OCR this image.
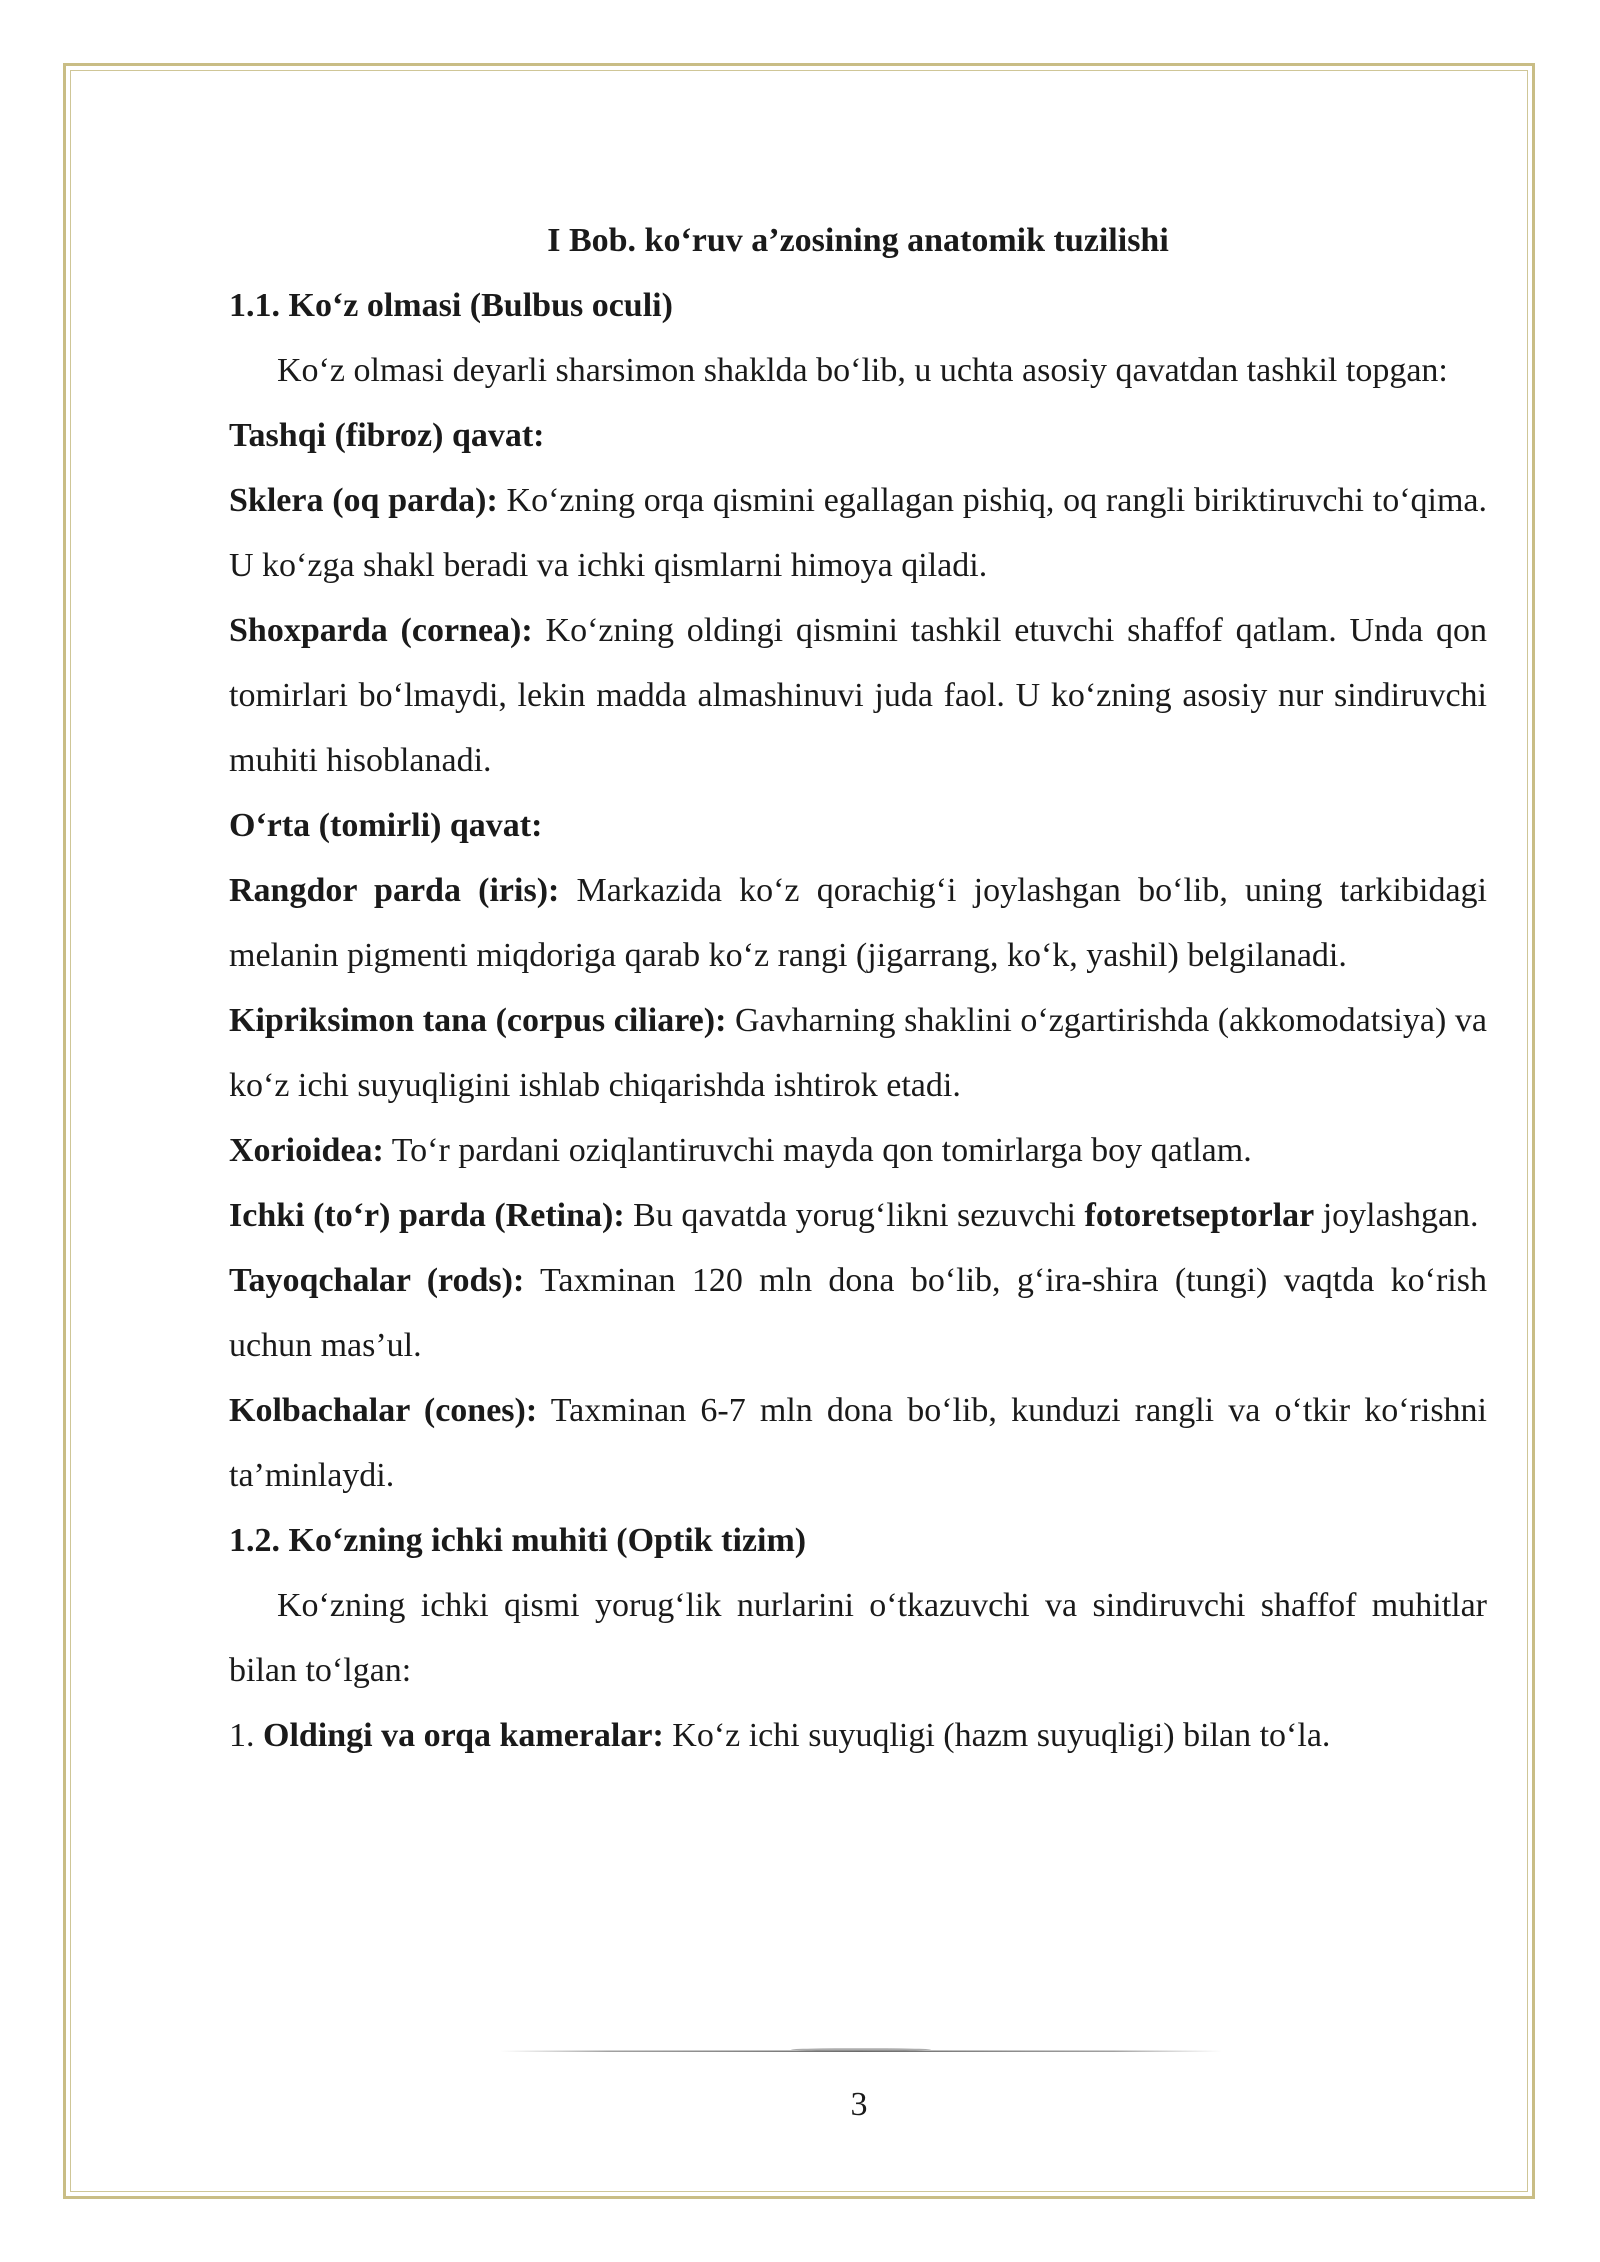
I Bob. ko‘ruv a’zosining anatomik tuzilishi

1.1. Ko‘z olmasi (Bulbus oculi)

Ko‘z olmasi deyarli sharsimon shaklda bo‘lib, u uchta asosiy qavatdan tashkil topgan:

Tashqi (fibroz) qavat:

Sklera (oq parda): Ko‘zning orqa qismini egallagan pishiq, oq rangli biriktiruvchi to‘qima. U ko‘zga shakl beradi va ichki qismlarni himoya qiladi.

Shoxparda (cornea): Ko‘zning oldingi qismini tashkil etuvchi shaffof qatlam. Unda qon tomirlari bo‘lmaydi, lekin madda almashinuvi juda faol. U ko‘zning asosiy nur sindiruvchi muhiti hisoblanadi.

O‘rta (tomirli) qavat:

Rangdor parda (iris): Markazida ko‘z qorachig‘i joylashgan bo‘lib, uning tarkibidagi melanin pigmenti miqdoriga qarab ko‘z rangi (jigarrang, ko‘k, yashil) belgilanadi.

Kipriksimon tana (corpus ciliare): Gavharning shaklini o‘zgartirishda (akkomodatsiya) va ko‘z ichi suyuqligini ishlab chiqarishda ishtirok etadi.

Xorioidea: To‘r pardani oziqlantiruvchi mayda qon tomirlarga boy qatlam.

Ichki (to‘r) parda (Retina): Bu qavatda yorug‘likni sezuvchi fotoretseptorlar joylashgan.

Tayoqchalar (rods): Taxminan 120 mln dona bo‘lib, g‘ira-shira (tungi) vaqtda ko‘rish uchun mas’ul.

Kolbachalar (cones): Taxminan 6-7 mln dona bo‘lib, kunduzi rangli va o‘tkir ko‘rishni ta’minlaydi.

1.2. Ko‘zning ichki muhiti (Optik tizim)

Ko‘zning ichki qismi yorug‘lik nurlarini o‘tkazuvchi va sindiruvchi shaffof muhitlar bilan to‘lgan:

1. Oldingi va orqa kameralar: Ko‘z ichi suyuqligi (hazm suyuqligi) bilan to‘la.

3
